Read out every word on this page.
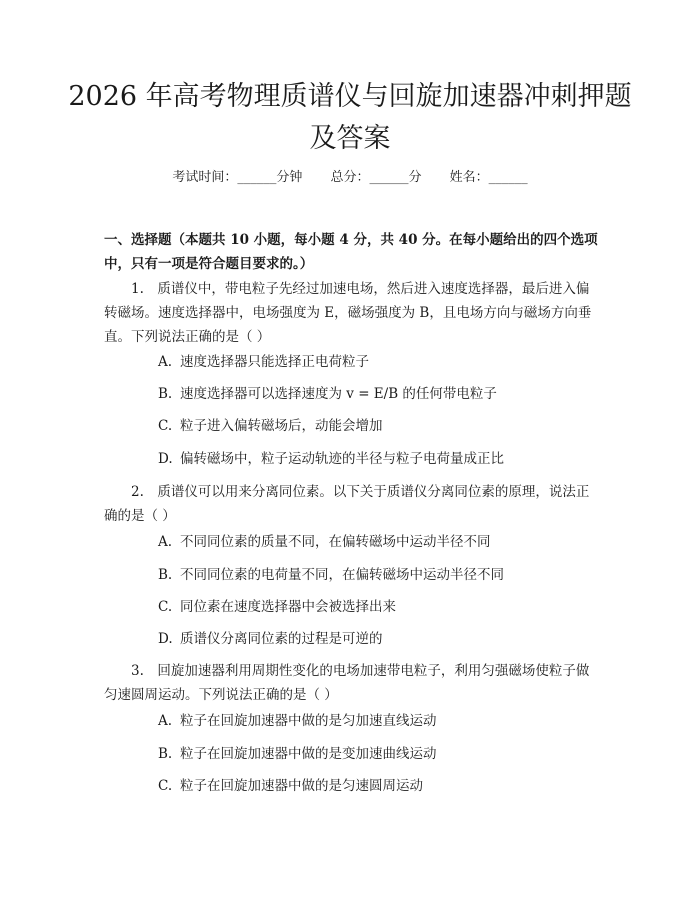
2026 年高考物理质谱仪与回旋加速器冲刺押题及答案
考试时间：______分钟 总分：______分 姓名：______
一、选择题（本题共 10 小题，每小题 4 分，共 40 分。在每小题给出的四个选项中，只有一项是符合题目要求的。）
1.　质谱仪中，带电粒子先经过加速电场，然后进入速度选择器，最后进入偏转磁场。速度选择器中，电场强度为 E，磁场强度为 B，且电场方向与磁场方向垂直。下列说法正确的是（ ）
A. 速度选择器只能选择正电荷粒子
B. 速度选择器可以选择速度为 v = E/B 的任何带电粒子
C. 粒子进入偏转磁场后，动能会增加
D. 偏转磁场中，粒子运动轨迹的半径与粒子电荷量成正比
2.　质谱仪可以用来分离同位素。以下关于质谱仪分离同位素的原理，说法正确的是（ ）
A. 不同同位素的质量不同，在偏转磁场中运动半径不同
B. 不同同位素的电荷量不同，在偏转磁场中运动半径不同
C. 同位素在速度选择器中会被选择出来
D. 质谱仪分离同位素的过程是可逆的
3.　回旋加速器利用周期性变化的电场加速带电粒子，利用匀强磁场使粒子做匀速圆周运动。下列说法正确的是（ ）
A. 粒子在回旋加速器中做的是匀加速直线运动
B. 粒子在回旋加速器中做的是变加速曲线运动
C. 粒子在回旋加速器中做的是匀速圆周运动
